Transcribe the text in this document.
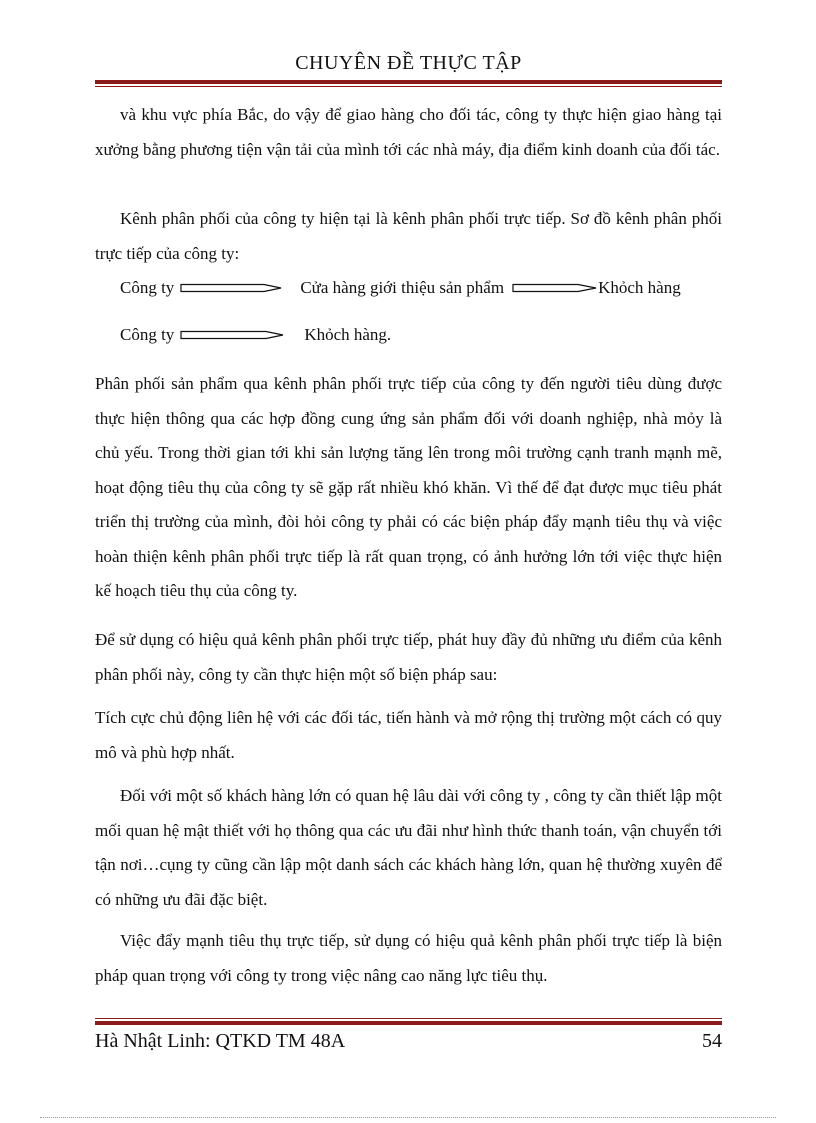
CHUYÊN ĐỀ THỰC TẬP
và khu vực phía Bắc, do vậy để giao hàng cho đối tác, công ty thực hiện giao hàng tại xưởng bằng phương tiện vận tải của mình tới các nhà máy, địa điểm kinh doanh của đối tác.
Kênh phân phối của công ty hiện tại là kênh phân phối trực tiếp. Sơ đồ kênh phân phối trực tiếp của công ty:
Công ty	Cửa hàng giới thiệu sản phẩm	Khỏch hàng
Công ty	Khỏch hàng.
Phân phối sản phẩm qua kênh phân phối trực tiếp của công ty đến người tiêu dùng được thực hiện thông qua các hợp đồng cung ứng sản phẩm đối với doanh nghiệp, nhà mỏy là chủ yếu. Trong thời gian tới khi sản lượng tăng lên trong môi trường cạnh tranh mạnh mẽ, hoạt động tiêu thụ của công ty sẽ gặp rất nhiều khó khăn. Vì thế để đạt được mục tiêu phát triển thị trường của mình, đòi hỏi công ty phải có các biện pháp đẩy mạnh tiêu thụ và việc hoàn thiện kênh phân phối trực tiếp là rất quan trọng, có ảnh hưởng lớn tới việc thực hiện kế hoạch tiêu thụ của công ty.
Để sử dụng có hiệu quả kênh phân phối trực tiếp, phát huy đầy đủ những ưu điểm của kênh phân phối này, công ty cần thực hiện một số biện pháp sau:
Tích cực chủ động liên hệ với các đối tác, tiến hành và mở rộng thị trường một cách có quy mô và phù hợp nhất.
Đối với một số khách hàng lớn có quan hệ lâu dài với công ty , công ty cần thiết lập một mối quan hệ mật thiết với họ thông qua các ưu đãi như hình thức thanh toán, vận chuyển tới tận nơi…cụng ty cũng cần lập một danh sách các khách hàng lớn, quan hệ thường xuyên để có những ưu đãi đặc biệt.
Việc đẩy mạnh tiêu thụ trực tiếp, sử dụng có hiệu quả kênh phân phối trực tiếp là biện pháp quan trọng với công ty trong việc nâng cao năng lực tiêu thụ.
Hà Nhật Linh: QTKD TM 48A	54
